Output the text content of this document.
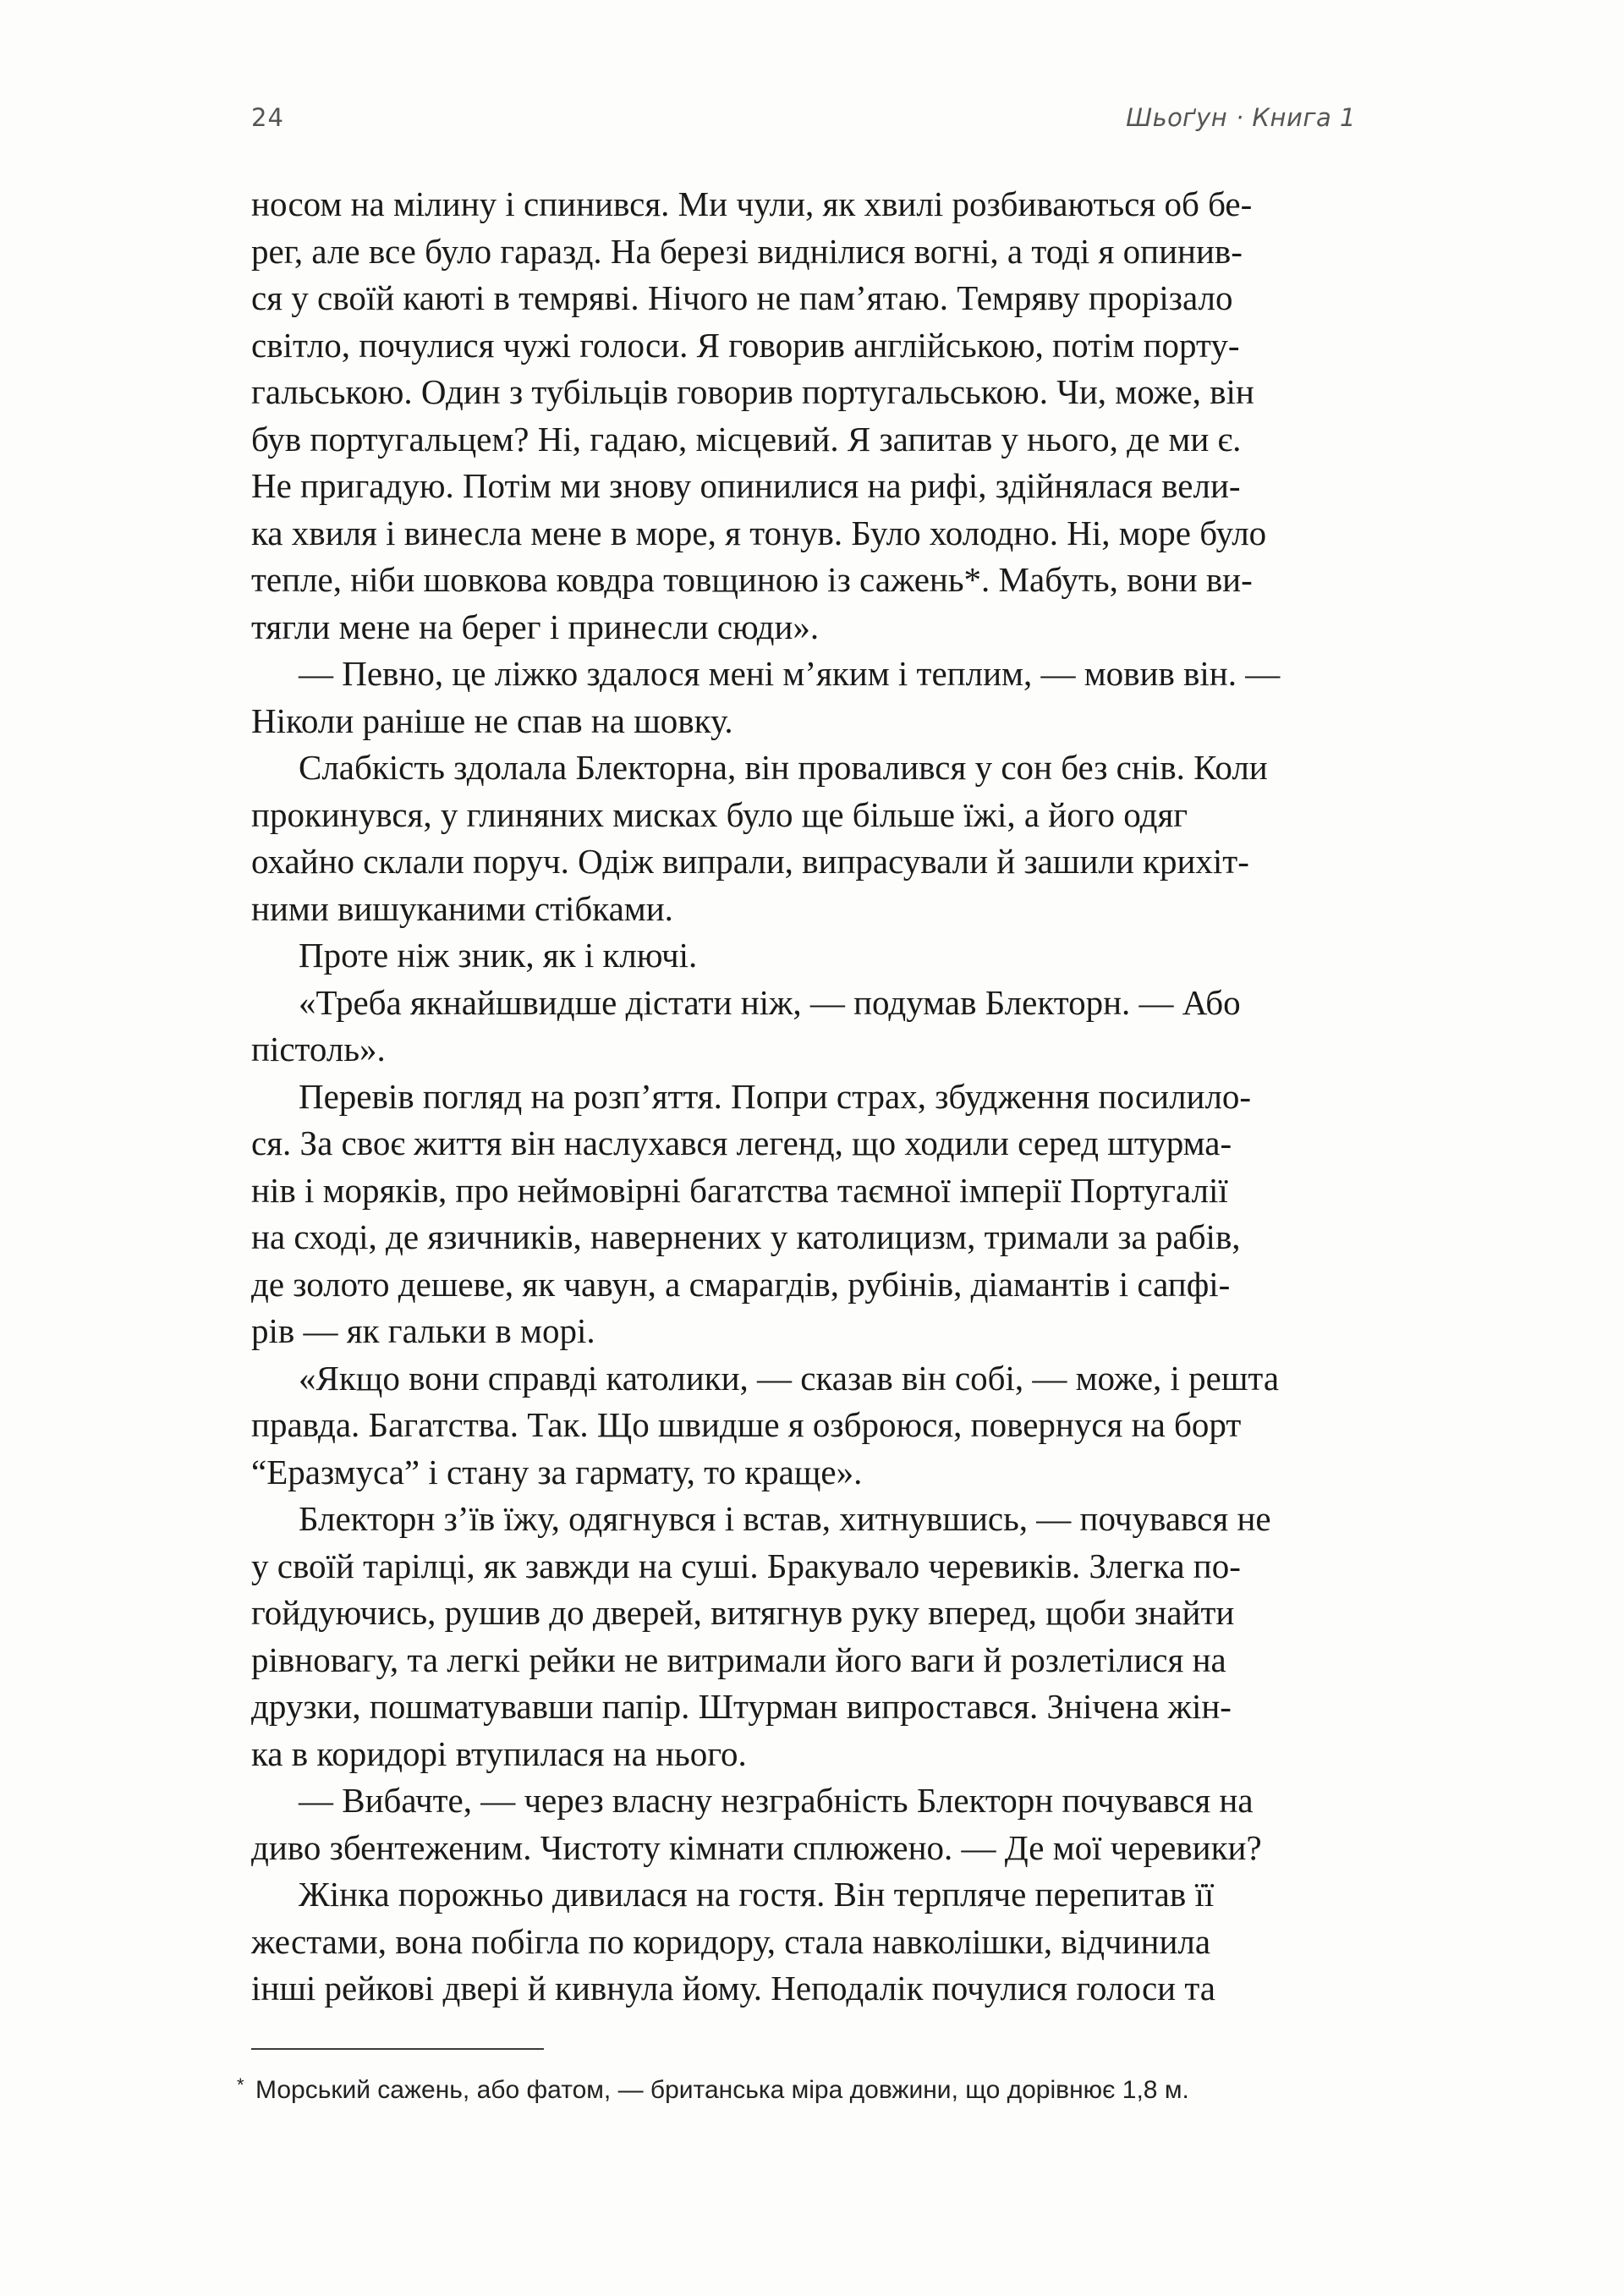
24	Шьоґун · Книга 1
носом на мілину і спинився. Ми чули, як хвилі розбиваються об бе-
рег, але все було гаразд. На березі виднілися вогні, а тоді я опинив-
ся у своїй каюті в темряві. Нічого не пам’ятаю. Темряву прорізало
світло, почулися чужі голоси. Я говорив англійською, потім порту-
гальською. Один з тубільців говорив португальською. Чи, може, він
був португальцем? Ні, гадаю, місцевий. Я запитав у нього, де ми є.
Не пригадую. Потім ми знову опинилися на рифі, здійнялася вели-
ка хвиля і винесла мене в море, я тонув. Було холодно. Ні, море було
тепле, ніби шовкова ковдра товщиною із сажень*. Мабуть, вони ви-
тягли мене на берег і принесли сюди».
— Певно, це ліжко здалося мені м’яким і теплим, — мовив він. —
Ніколи раніше не спав на шовку.
Слабкість здолала Блекторна, він провалився у сон без снів. Коли
прокинувся, у глиняних мисках було ще більше їжі, а його одяг
охайно склали поруч. Одіж випрали, випрасували й зашили крихіт-
ними вишуканими стібками.
Проте ніж зник, як і ключі.
«Треба якнайшвидше дістати ніж, — подумав Блекторн. — Або
пістоль».
Перевів погляд на розп’яття. Попри страх, збудження посилило-
ся. За своє життя він наслухався легенд, що ходили серед штурма-
нів і моряків, про неймовірні багатства таємної імперії Португалії
на сході, де язичників, навернених у католицизм, тримали за рабів,
де золото дешеве, як чавун, а смарагдів, рубінів, діамантів і сапфі-
рів — як гальки в морі.
«Якщо вони справді католики, — сказав він собі, — може, і решта
правда. Багатства. Так. Що швидше я озброюся, повернуся на борт
“Еразмуса” і стану за гармату, то краще».
Блекторн з’їв їжу, одягнувся і встав, хитнувшись, — почувався не
у своїй тарілці, як завжди на суші. Бракувало черевиків. Злегка по-
гойдуючись, рушив до дверей, витягнув руку вперед, щоби знайти
рівновагу, та легкі рейки не витримали його ваги й розлетілися на
друзки, пошматувавши папір. Штурман випростався. Знічена жін-
ка в коридорі втупилася на нього.
— Вибачте, — через власну незграбність Блекторн почувався на
диво збентеженим. Чистоту кімнати сплюжено. — Де мої черевики?
Жінка порожньо дивилася на гостя. Він терпляче перепитав її
жестами, вона побігла по коридору, стала навколішки, відчинила
інші рейкові двері й кивнула йому. Неподалік почулися голоси та
* Морський сажень, або фатом, — британська міра довжини, що дорівнює 1,8 м.
